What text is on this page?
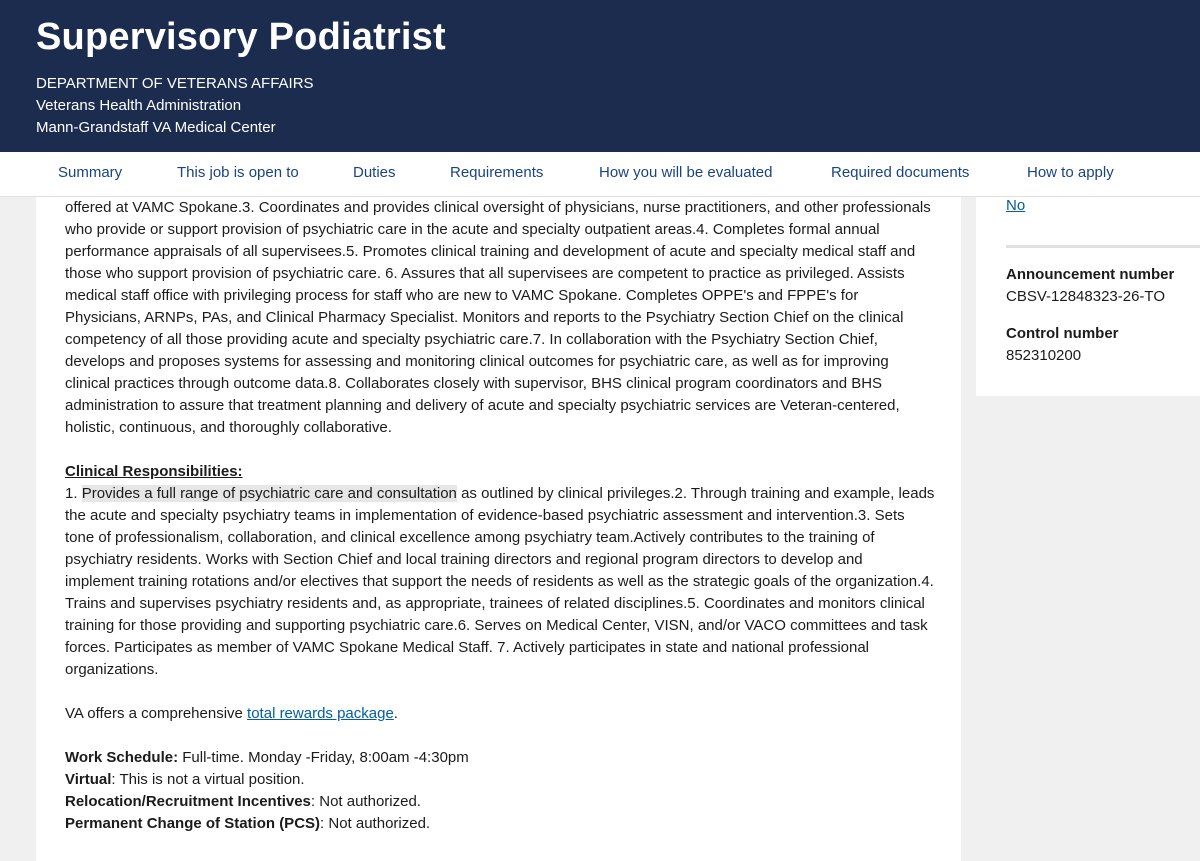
Supervisory Podiatrist
DEPARTMENT OF VETERANS AFFAIRS
Veterans Health Administration
Mann-Grandstaff VA Medical Center
Summary	This job is open to	Duties	Requirements	How you will be evaluated	Required documents	How to apply

offered at VAMC Spokane.3. Coordinates and provides clinical oversight of physicians, nurse practitioners, and other professionals who provide or support provision of psychiatric care in the acute and specialty outpatient areas.4. Completes formal annual performance appraisals of all supervisees.5. Promotes clinical training and development of acute and specialty medical staff and those who support provision of psychiatric care. 6. Assures that all supervisees are competent to practice as privileged. Assists medical staff office with privileging process for staff who are new to VAMC Spokane. Completes OPPE's and FPPE's for Physicians, ARNPs, PAs, and Clinical Pharmacy Specialist. Monitors and reports to the Psychiatry Section Chief on the clinical competency of all those providing acute and specialty psychiatric care.7. In collaboration with the Psychiatry Section Chief, develops and proposes systems for assessing and monitoring clinical outcomes for psychiatric care, as well as for improving clinical practices through outcome data.8. Collaborates closely with supervisor, BHS clinical program coordinators and BHS administration to assure that treatment planning and delivery of acute and specialty psychiatric services are Veteran-centered, holistic, continuous, and thoroughly collaborative.

Clinical Responsibilities:

1. Provides a full range of psychiatric care and consultation as outlined by clinical privileges.2. Through training and example, leads the acute and specialty psychiatry teams in implementation of evidence-based psychiatric assessment and intervention.3. Sets tone of professionalism, collaboration, and clinical excellence among psychiatry team.Actively contributes to the training of psychiatry residents. Works with Section Chief and local training directors and regional program directors to develop and implement training rotations and/or electives that support the needs of residents as well as the strategic goals of the organization.4. Trains and supervises psychiatry residents and, as appropriate, trainees of related disciplines.5. Coordinates and monitors clinical training for those providing and supporting psychiatric care.6. Serves on Medical Center, VISN, and/or VACO committees and task forces. Participates as member of VAMC Spokane Medical Staff. 7. Actively participates in state and national professional organizations.

VA offers a comprehensive total rewards package.

Work Schedule: Full-time. Monday -Friday, 8:00am -4:30pm

Virtual: This is not a virtual position.

Relocation/Recruitment Incentives: Not authorized.

Permanent Change of Station (PCS): Not authorized.

No
Announcement number
CBSV-12848323-26-TO
Control number
852310200
